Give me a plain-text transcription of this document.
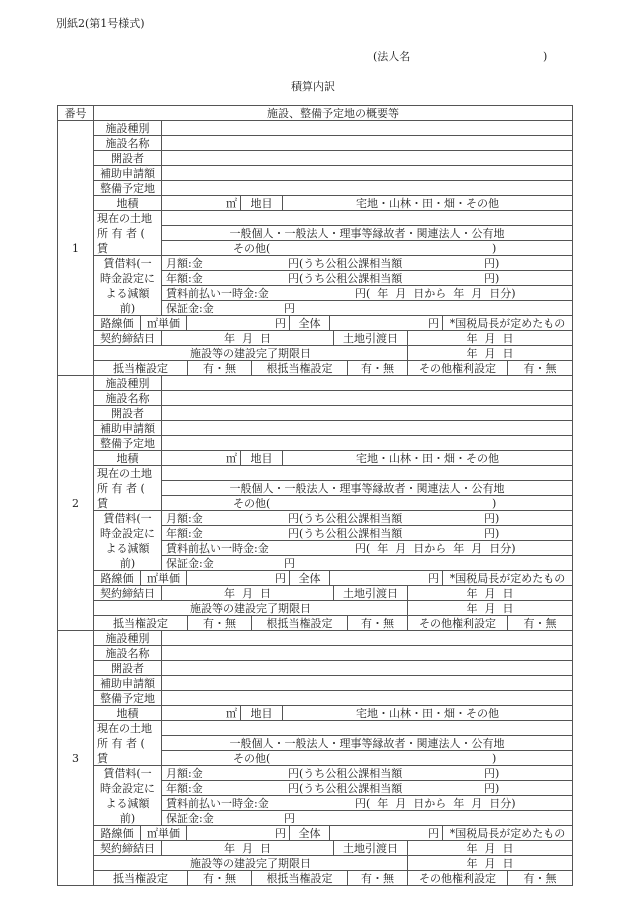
別紙2(第1号様式)
(法人名	)
積算内訳
番号	施設、整備予定地の概要等
1
施設種別
施設名称
開設者
補助申請額
整備予定地
地積	㎡	地目	宅地・山林・田・畑・その他
現在の土地
所 有 者 ( 賃
一般個人・一般法人・理事等縁故者・関連法人・公有地
その他(	)
賃借料(一
時金設定に
よる減額
前)
月額:金	円(うち公租公課相当額	円)
年額:金	円(うち公租公課相当額	円)
賃料前払い一時金:金	円(  年  月  日から  年  月  日分)
保証金:金	円
路線価	㎡単価	円	全体	円 *国税局長が定めたもの
契約締結日	年  月  日	土地引渡日	年  月  日
施設等の建設完了期限日	年  月  日
抵当権設定	有・無	根抵当権設定	有・無	その他権利設定	有・無
2
施設種別
施設名称
開設者
補助申請額
整備予定地
地積	㎡	地目	宅地・山林・田・畑・その他
現在の土地
所 有 者 ( 賃
一般個人・一般法人・理事等縁故者・関連法人・公有地
その他(	)
賃借料(一
時金設定に
よる減額
前)
月額:金	円(うち公租公課相当額	円)
年額:金	円(うち公租公課相当額	円)
賃料前払い一時金:金	円(  年  月  日から  年  月  日分)
保証金:金	円
路線価	㎡単価	円	全体	円 *国税局長が定めたもの
契約締結日	年  月  日	土地引渡日	年  月  日
施設等の建設完了期限日	年  月  日
抵当権設定	有・無	根抵当権設定	有・無	その他権利設定	有・無
3
施設種別
施設名称
開設者
補助申請額
整備予定地
地積	㎡	地目	宅地・山林・田・畑・その他
現在の土地
所 有 者 ( 賃
一般個人・一般法人・理事等縁故者・関連法人・公有地
その他(	)
賃借料(一
時金設定に
よる減額
前)
月額:金	円(うち公租公課相当額	円)
年額:金	円(うち公租公課相当額	円)
賃料前払い一時金:金	円(  年  月  日から  年  月  日分)
保証金:金	円
路線価	㎡単価	円	全体	円 *国税局長が定めたもの
契約締結日	年  月  日	土地引渡日	年  月  日
施設等の建設完了期限日	年  月  日
抵当権設定	有・無	根抵当権設定	有・無	その他権利設定	有・無
